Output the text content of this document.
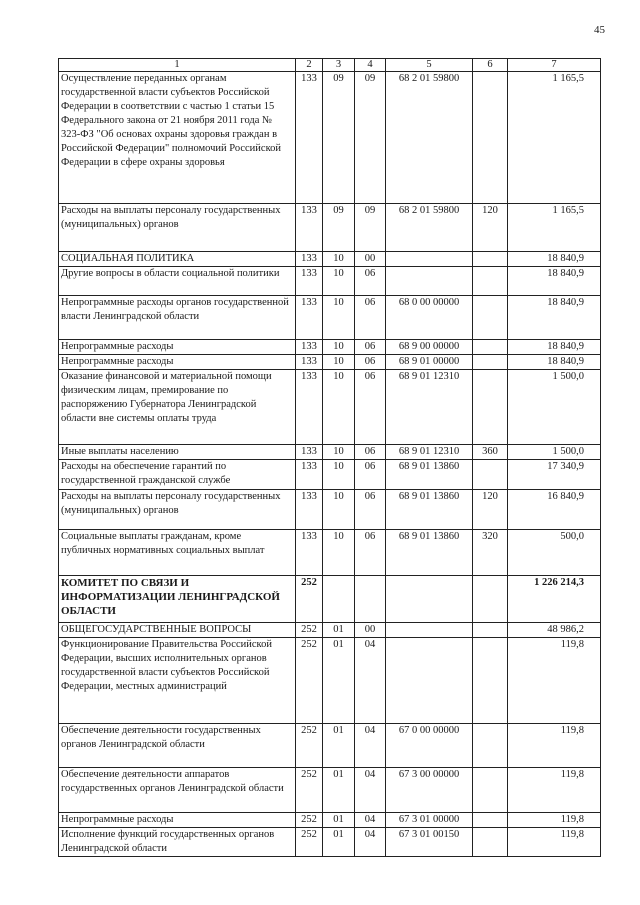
45
1	2	3	4	5	6	7
Осуществление переданных органам государственной власти субъектов Российской Федерации в соответствии с частью 1 статьи 15 Федерального закона от 21 ноября 2011 года № 323-ФЗ "Об основах охраны здоровья граждан в Российской Федерации" полномочий Российской Федерации в сфере охраны здоровья	133	09	09	68 2 01 59800		1 165,5
Расходы на выплаты персоналу государственных (муниципальных) органов	133	09	09	68 2 01 59800	120	1 165,5
СОЦИАЛЬНАЯ ПОЛИТИКА	133	10	00			18 840,9
Другие вопросы в области социальной политики	133	10	06			18 840,9
Непрограммные расходы органов государственной власти Ленинградской области	133	10	06	68 0 00 00000		18 840,9
Непрограммные расходы	133	10	06	68 9 00 00000		18 840,9
Непрограммные расходы	133	10	06	68 9 01 00000		18 840,9
Оказание финансовой и материальной помощи физическим лицам, премирование по распоряжению Губернатора Ленинградской области вне системы оплаты труда	133	10	06	68 9 01 12310		1 500,0
Иные выплаты населению	133	10	06	68 9 01 12310	360	1 500,0
Расходы на обеспечение гарантий по государственной гражданской службе	133	10	06	68 9 01 13860		17 340,9
Расходы на выплаты персоналу государственных (муниципальных) органов	133	10	06	68 9 01 13860	120	16 840,9
Социальные выплаты гражданам, кроме публичных нормативных социальных выплат	133	10	06	68 9 01 13860	320	500,0
КОМИТЕТ ПО СВЯЗИ И ИНФОРМАТИЗАЦИИ ЛЕНИНГРАДСКОЙ ОБЛАСТИ	252					1 226 214,3
ОБЩЕГОСУДАРСТВЕННЫЕ ВОПРОСЫ	252	01	00			48 986,2
Функционирование Правительства Российской Федерации, высших исполнительных органов государственной власти субъектов Российской Федерации, местных администраций	252	01	04			119,8
Обеспечение деятельности государственных органов Ленинградской области	252	01	04	67 0 00 00000		119,8
Обеспечение деятельности аппаратов государственных органов Ленинградской области	252	01	04	67 3 00 00000		119,8
Непрограммные расходы	252	01	04	67 3 01 00000		119,8
Исполнение функций государственных органов Ленинградской области	252	01	04	67 3 01 00150		119,8
